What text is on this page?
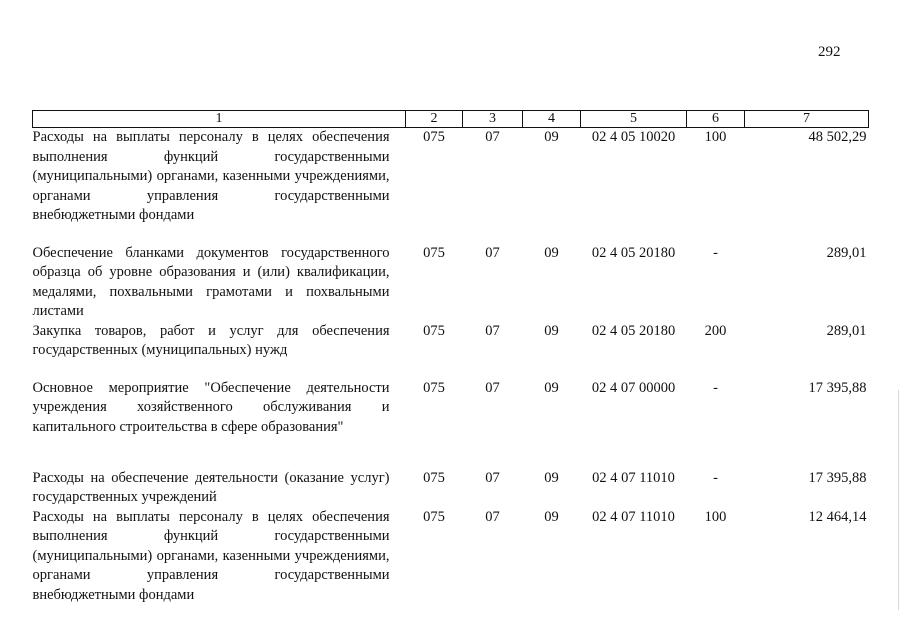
292
1	2	3	4	5	6	7
Расходы на выплаты персоналу в целях обеспечения выполнения функций государственными (муниципальными) органами, казенными учреждениями, органами управления государственными внебюджетными фондами	075	07	09	02 4 05 10020	100	48 502,29
Обеспечение бланками документов государственного образца об уровне образования и (или) квалификации, медалями, похвальными грамотами и похвальными листами	075	07	09	02 4 05 20180	-	289,01
Закупка товаров, работ и услуг для обеспечения государственных (муниципальных) нужд	075	07	09	02 4 05 20180	200	289,01
Основное мероприятие "Обеспечение деятельности учреждения хозяйственного обслуживания и капитального строительства в сфере образования"	075	07	09	02 4 07 00000	-	17 395,88
Расходы на обеспечение деятельности (оказание услуг) государственных учреждений	075	07	09	02 4 07 11010	-	17 395,88
Расходы на выплаты персоналу в целях обеспечения выполнения функций государственными (муниципальными) органами, казенными учреждениями, органами управления государственными внебюджетными фондами	075	07	09	02 4 07 11010	100	12 464,14
